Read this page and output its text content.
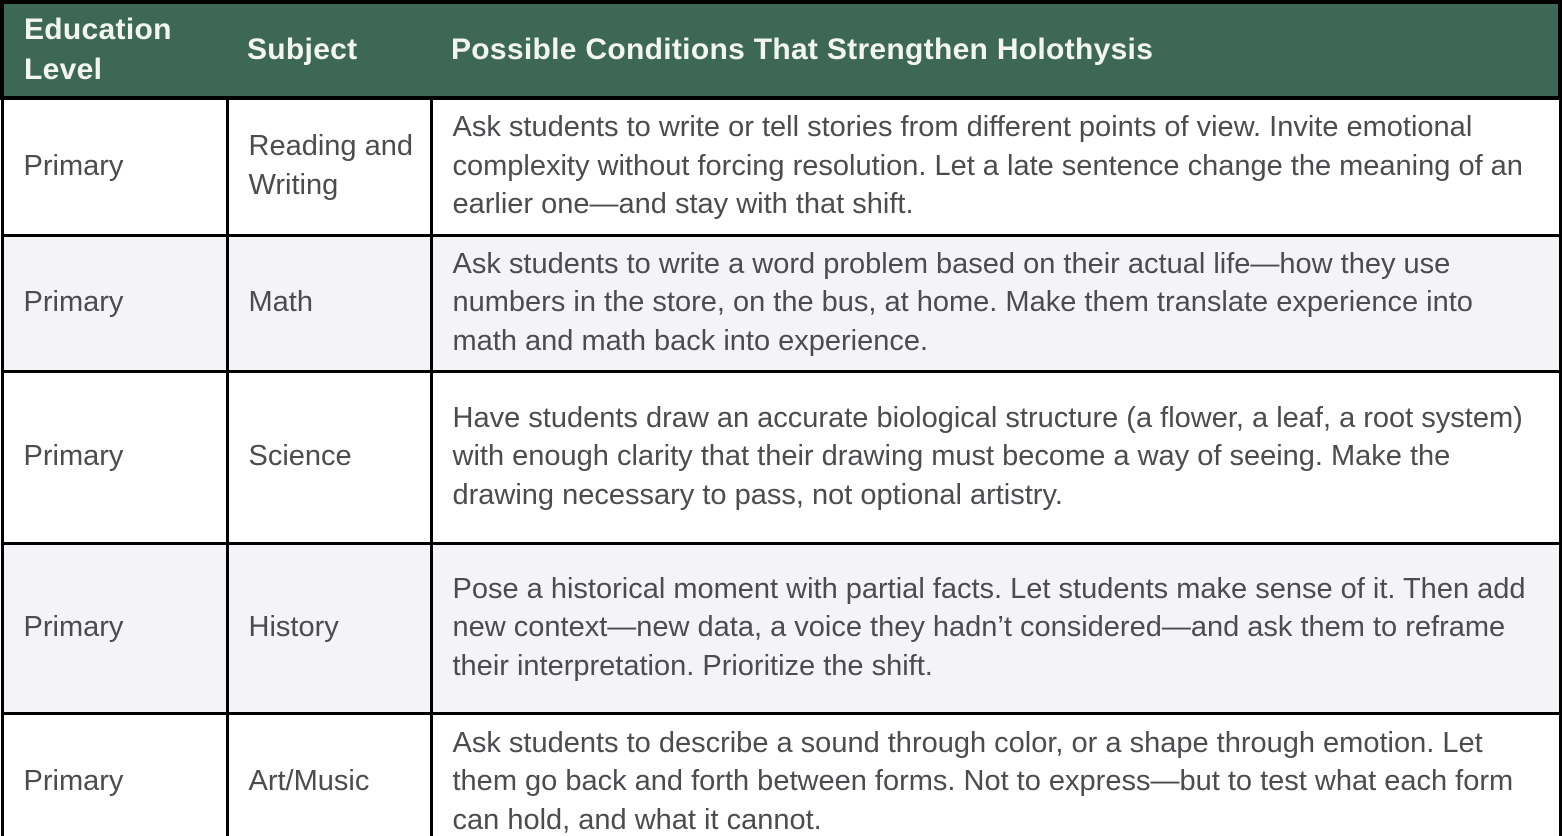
Education Level	Subject	Possible Conditions That Strengthen Holothysis
Primary	Reading and Writing	Ask students to write or tell stories from different points of view. Invite emotional complexity without forcing resolution. Let a late sentence change the meaning of an earlier one—and stay with that shift.
Primary	Math	Ask students to write a word problem based on their actual life—how they use numbers in the store, on the bus, at home. Make them translate experience into math and math back into experience.
Primary	Science	Have students draw an accurate biological structure (a flower, a leaf, a root system) with enough clarity that their drawing must become a way of seeing. Make the drawing necessary to pass, not optional artistry.
Primary	History	Pose a historical moment with partial facts. Let students make sense of it. Then add new context—new data, a voice they hadn’t considered—and ask them to reframe their interpretation. Prioritize the shift.
Primary	Art/Music	Ask students to describe a sound through color, or a shape through emotion. Let them go back and forth between forms. Not to express—but to test what each form can hold, and what it cannot.
